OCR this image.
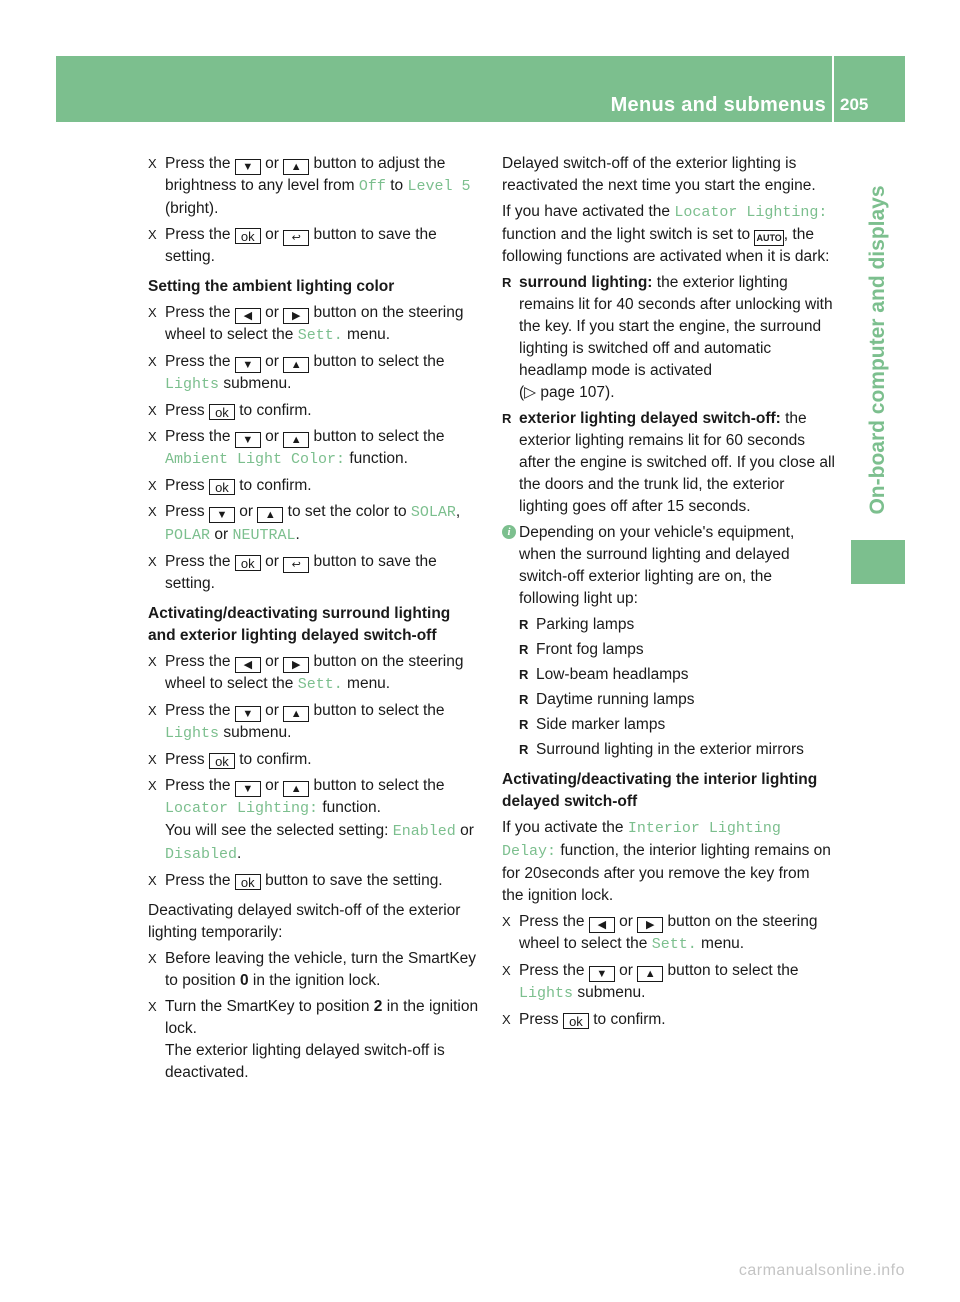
Menus and submenus 205
On-board computer and displays
X Press the ▼ or ▲ button to adjust the brightness to any level from Off to Level 5 (bright).
X Press the ok or ↩ button to save the setting.
Setting the ambient lighting color
X Press the ◀ or ▶ button on the steering wheel to select the Sett. menu.
X Press the ▼ or ▲ button to select the Lights submenu.
X Press ok to confirm.
X Press the ▼ or ▲ button to select the Ambient Light Color: function.
X Press ok to confirm.
X Press ▼ or ▲ to set the color to SOLAR, POLAR or NEUTRAL.
X Press the ok or ↩ button to save the setting.
Activating/deactivating surround lighting and exterior lighting delayed switch-off
X Press the ◀ or ▶ button on the steering wheel to select the Sett. menu.
X Press the ▼ or ▲ button to select the Lights submenu.
X Press ok to confirm.
X Press the ▼ or ▲ button to select the Locator Lighting: function.
You will see the selected setting: Enabled or Disabled.
X Press the ok button to save the setting.
Deactivating delayed switch-off of the exterior lighting temporarily:
X Before leaving the vehicle, turn the SmartKey to position 0 in the ignition lock.
X Turn the SmartKey to position 2 in the ignition lock.
The exterior lighting delayed switch-off is deactivated.
Delayed switch-off of the exterior lighting is reactivated the next time you start the engine.
If you have activated the Locator Lighting: function and the light switch is set to AUTO , the following functions are activated when it is dark:
R surround lighting: the exterior lighting remains lit for 40 seconds after unlocking with the key. If you start the engine, the surround lighting is switched off and automatic headlamp mode is activated
(▷ page 107).
R exterior lighting delayed switch-off: the exterior lighting remains lit for 60 seconds after the engine is switched off. If you close all the doors and the trunk lid, the exterior lighting goes off after 15 seconds.
i Depending on your vehicle's equipment, when the surround lighting and delayed switch-off exterior lighting are on, the following light up:
R Parking lamps
R Front fog lamps
R Low-beam headlamps
R Daytime running lamps
R Side marker lamps
R Surround lighting in the exterior mirrors
Activating/deactivating the interior lighting delayed switch-off
If you activate the Interior Lighting Delay: function, the interior lighting remains on for 20seconds after you remove the key from the ignition lock.
X Press the ◀ or ▶ button on the steering wheel to select the Sett. menu.
X Press the ▼ or ▲ button to select the Lights submenu.
X Press ok to confirm.
carmanualsonline.info
